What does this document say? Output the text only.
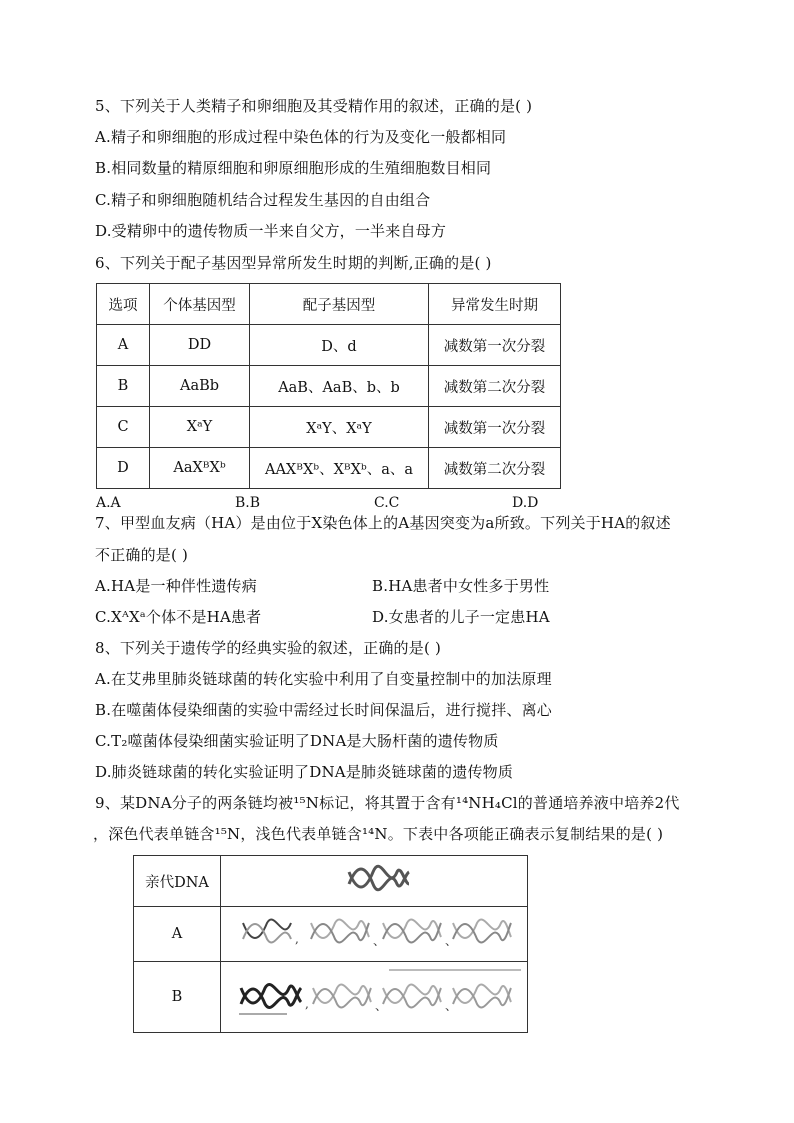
5、下列关于人类精子和卵细胞及其受精作用的叙述，正确的是( )
A.精子和卵细胞的形成过程中染色体的行为及变化一般都相同
B.相同数量的精原细胞和卵原细胞形成的生殖细胞数目相同
C.精子和卵细胞随机结合过程发生基因的自由组合
D.受精卵中的遗传物质一半来自父方，一半来自母方
6、下列关于配子基因型异常所发生时期的判断,正确的是( )
选项	个体基因型	配子基因型	异常发生时期
A	DD	D、d	减数第一次分裂
B	AaBb	AaB、AaB、b、b	减数第二次分裂
C	XᵃY	XᵃY、XᵃY	减数第一次分裂
D	AaXᴮXᵇ	AAXᴮXᵇ、XᴮXᵇ、a、a	减数第二次分裂
A.A	B.B	C.C	D.D
7、甲型血友病（HA）是由位于X染色体上的A基因突变为a所致。下列关于HA的叙述
不正确的是( )
A.HA是一种伴性遗传病	B.HA患者中女性多于男性
C.XᴬXᵃ个体不是HA患者	D.女患者的儿子一定患HA
8、下列关于遗传学的经典实验的叙述，正确的是( )
A.在艾弗里肺炎链球菌的转化实验中利用了自变量控制中的加法原理
B.在噬菌体侵染细菌的实验中需经过长时间保温后，进行搅拌、离心
C.T₂噬菌体侵染细菌实验证明了DNA是大肠杆菌的遗传物质
D.肺炎链球菌的转化实验证明了DNA是肺炎链球菌的遗传物质
9、某DNA分子的两条链均被¹⁵N标记，将其置于含有¹⁴NH₄Cl的普通培养液中培养2代
，深色代表单链含¹⁵N，浅色代表单链含¹⁴N。下表中各项能正确表示复制结果的是( )
亲代DNA	
A	, 、 、

B	, 、 、
